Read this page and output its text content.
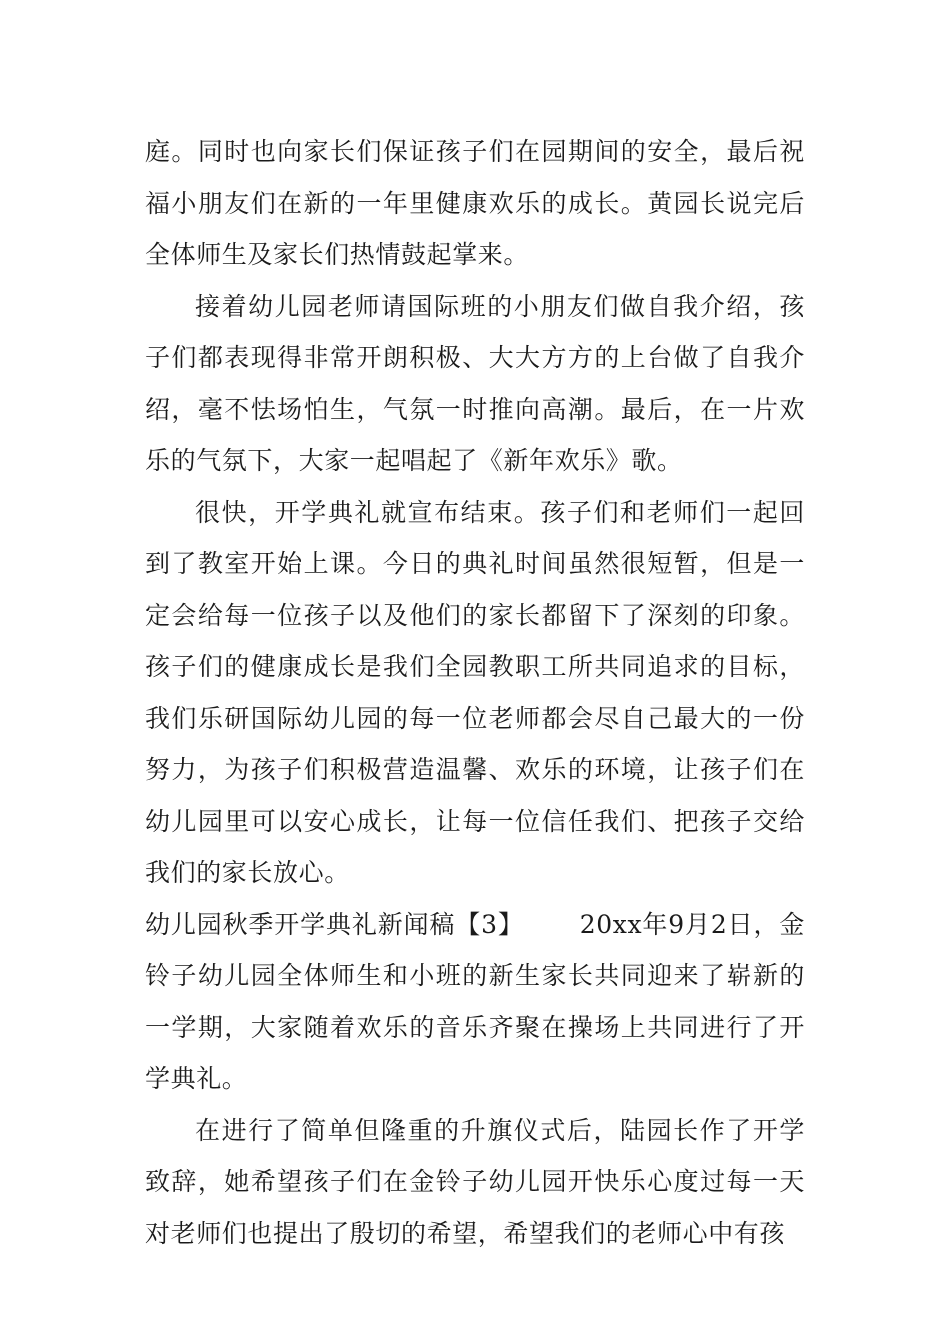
庭。同时也向家长们保证孩子们在园期间的安全，最后祝福小朋友们在新的一年里健康欢乐的成长。黄园长说完后全体师生及家长们热情鼓起掌来。

接着幼儿园老师请国际班的小朋友们做自我介绍，孩子们都表现得非常开朗积极、大大方方的上台做了自我介绍，毫不怯场怕生，气氛一时推向高潮。最后，在一片欢乐的气氛下，大家一起唱起了《新年欢乐》歌。

很快，开学典礼就宣布结束。孩子们和老师们一起回到了教室开始上课。今日的典礼时间虽然很短暂，但是一定会给每一位孩子以及他们的家长都留下了深刻的印象。孩子们的健康成长是我们全园教职工所共同追求的目标，我们乐研国际幼儿园的每一位老师都会尽自己最大的一份努力，为孩子们积极营造温馨、欢乐的环境，让孩子们在幼儿园里可以安心成长，让每一位信任我们、把孩子交给我们的家长放心。

幼儿园秋季开学典礼新闻稿【3】 20xx年9月2日，金铃子幼儿园全体师生和小班的新生家长共同迎来了崭新的一学期，大家随着欢乐的音乐齐聚在操场上共同进行了开学典礼。

在进行了简单但隆重的升旗仪式后，陆园长作了开学致辞，她希望孩子们在金铃子幼儿园开快乐心度过每一天对老师们也提出了殷切的希望，希望我们的老师心中有孩
